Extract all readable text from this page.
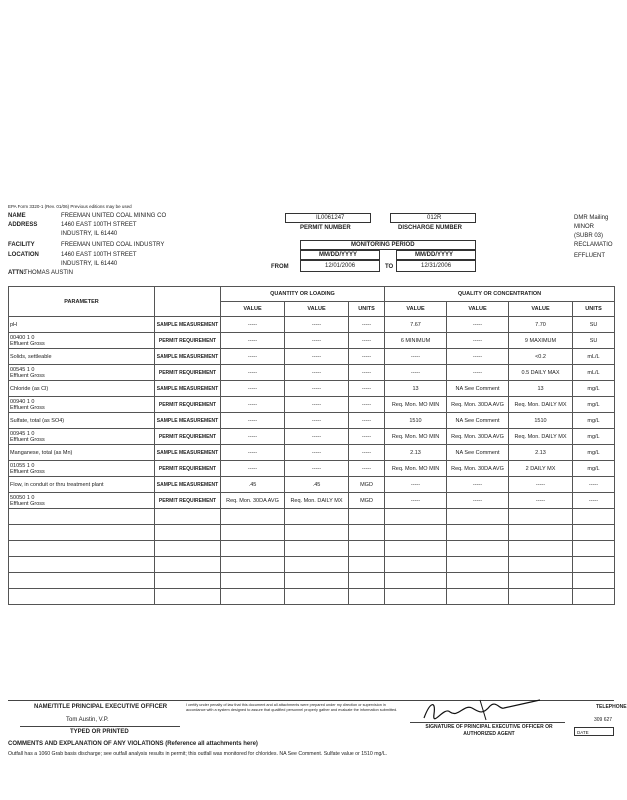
EPA Form 3320-1 (Rev. 01/06) Previous editions may be used
NAME	FREEMAN UNITED COAL MINING CO
ADDRESS	1460 EAST 100TH STREET
INDUSTRY, IL 61440
FACILITY	FREEMAN UNITED COAL INDUSTRY
LOCATION	1460 EAST 100TH STREET
INDUSTRY, IL 61440
ATTN:
THOMAS AUSTIN
IL0061247
PERMIT NUMBER
012R
DISCHARGE NUMBER
MONITORING PERIOD
MM/DD/YYYY	MM/DD/YYYY
FROM	12/01/2006	TO	12/31/2006
DMR Mailing
MINOR
(SUBR 03)
RECLAMATIO
EFFLUENT
PARAMETER		QUANTITY OR LOADING			QUALITY OR CONCENTRATION			
		VALUE	VALUE	UNITS	VALUE	VALUE	VALUE	UNITS
pH	SAMPLE MEASUREMENT	-----	-----	-----	7.67	-----	7.70	SU

00400 1 0
Effluent Gross	PERMIT REQUIREMENT	-----	-----	-----	6 MINIMUM	-----	9 MAXIMUM	SU
Solids, settleable	SAMPLE MEASUREMENT	-----	-----	-----	-----	-----	<0.2	mL/L

00545 1 0
Effluent Gross	PERMIT REQUIREMENT	-----	-----	-----	-----	-----	0.5 DAILY MAX	mL/L
Chloride (as Cl)	SAMPLE MEASUREMENT	-----	-----	-----	13	NA See Comment	13	mg/L

00940 1 0
Effluent Gross	PERMIT REQUIREMENT	-----	-----	-----	Req. Mon. MO MIN	Req. Mon. 30DA AVG	Req. Mon. DAILY MX	mg/L
Sulfate, total (as SO4)	SAMPLE MEASUREMENT	-----	-----	-----	1510	NA See Comment	1510	mg/L

00945 1 0
Effluent Gross	PERMIT REQUIREMENT	-----	-----	-----	Req. Mon. MO MIN	Req. Mon. 30DA AVG	Req. Mon. DAILY MX	mg/L
Manganese, total (as Mn)	SAMPLE MEASUREMENT	-----	-----	-----	2.13	NA See Comment	2.13	mg/L

01055 1 0
Effluent Gross	PERMIT REQUIREMENT	-----	-----	-----	Req. Mon. MO MIN	Req. Mon. 30DA AVG	2 DAILY MX	mg/L
Flow, in conduit or thru treatment plant	SAMPLE MEASUREMENT	.45	.45	MGD	-----	-----	-----	-----

50050 1 0
Effluent Gross	PERMIT REQUIREMENT	Req. Mon. 30DA AVG	Req. Mon. DAILY MX	MGD	-----	-----	-----	-----

NAME/TITLE PRINCIPAL EXECUTIVE OFFICER
Tom Austin, V.P.
TYPED OR PRINTED
I certify under penalty of law that this document and all attachments were prepared under my direction or supervision in accordance with a system designed to assure that qualified personnel properly gather and evaluate the information submitted.
SIGNATURE OF PRINCIPAL EXECUTIVE OFFICER OR AUTHORIZED AGENT
TELEPHONE
309 627
DATE
COMMENTS AND EXPLANATION OF ANY VIOLATIONS (Reference all attachments here)
Outfall has a 1060 Grab basis discharge; see outfall analysis results in permit; this outfall was monitored for chlorides. NA See Comment. Sulfate value or 1510 mg/L.
